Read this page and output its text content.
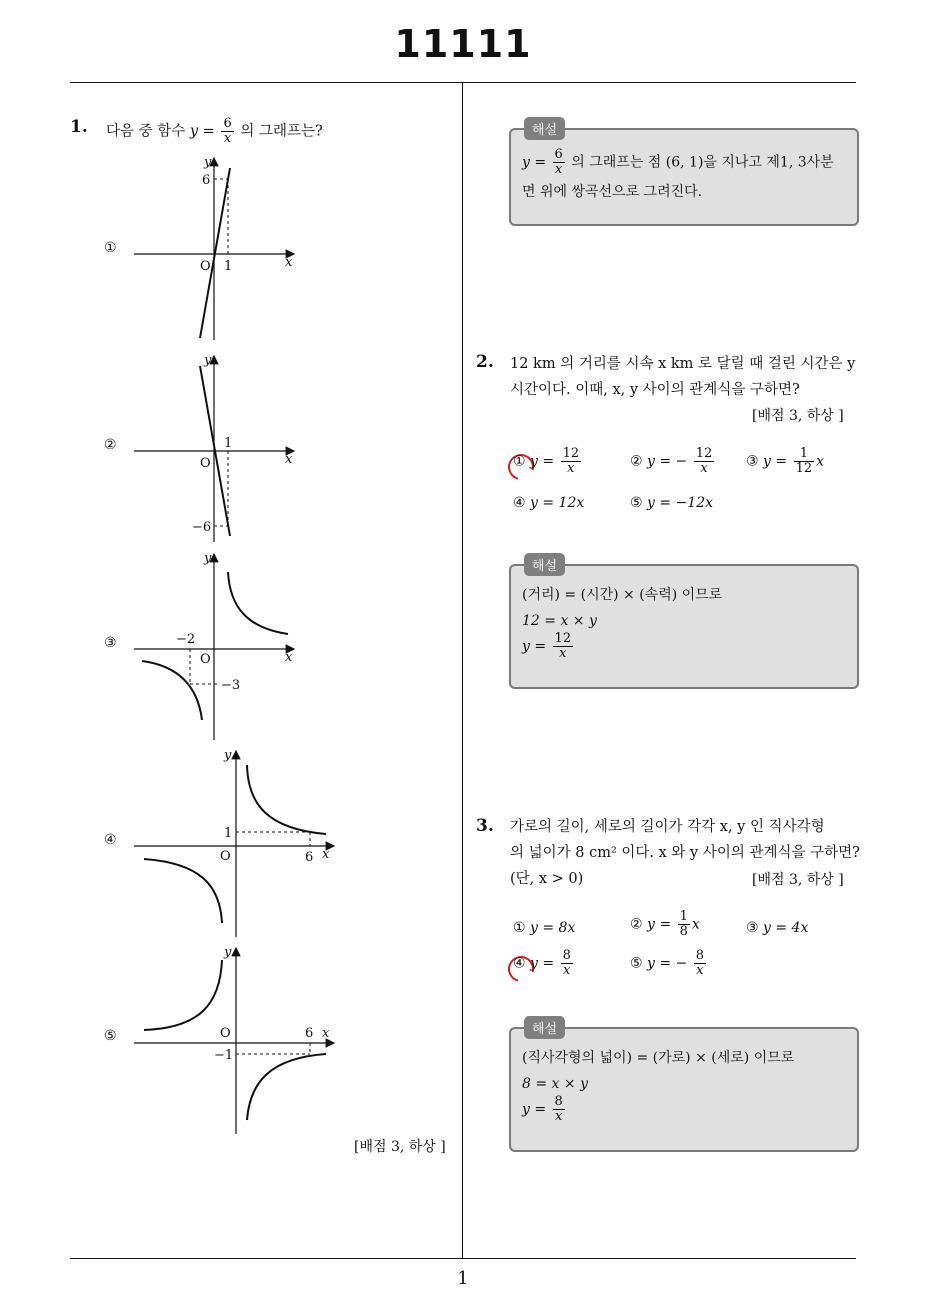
11111
1
1. 다음 중 함수 $y = \frac{6}{x}$ 의 그래프는?
①
②
③
④
⑤
y
x
O
6
1
y
x
O
1
−6
y
x
O
−2
−3
y
x
O
1
6
y
x
O
−1
6
[배점 3, 하상 ]
해설
$y = \frac{6}{x}$ 의 그래프는 점 (6, 1)을 지나고 제1, 3사분
면 위에 쌍곡선으로 그려진다.
2. 12 km 의 거리를 시속 x km 로 달릴 때 걸린 시간은 y
시간이다. 이때, x, y 사이의 관계식을 구하면?
[배점 3, 하상 ]
① $y = \frac{12}{x}$	② y = − $\frac{12}{x}$ ③ $y = \frac{1}{12}$ x
④ y = 12x	⑤ y = −12x
해설
(거리) = (시간) × (속력) 이므로
12 = x × y
$y = \frac{12}{x}$
3. 가로의 길이, 세로의 길이가 각각 x, y 인 직사각형
의 넓이가 8 cm² 이다. x 와 y 사이의 관계식을 구하면?
(단, x > 0)	[배점 3, 하상 ]
① y = 8x	② $y = \frac{1}{8}$ x	③ y = 4x
④ $y = \frac{8}{x}$	⑤ y = − $\frac{8}{x}$
해설
(직사각형의 넓이) = (가로) × (세로) 이므로
8 = x × y
$y = \frac{8}{x}$
